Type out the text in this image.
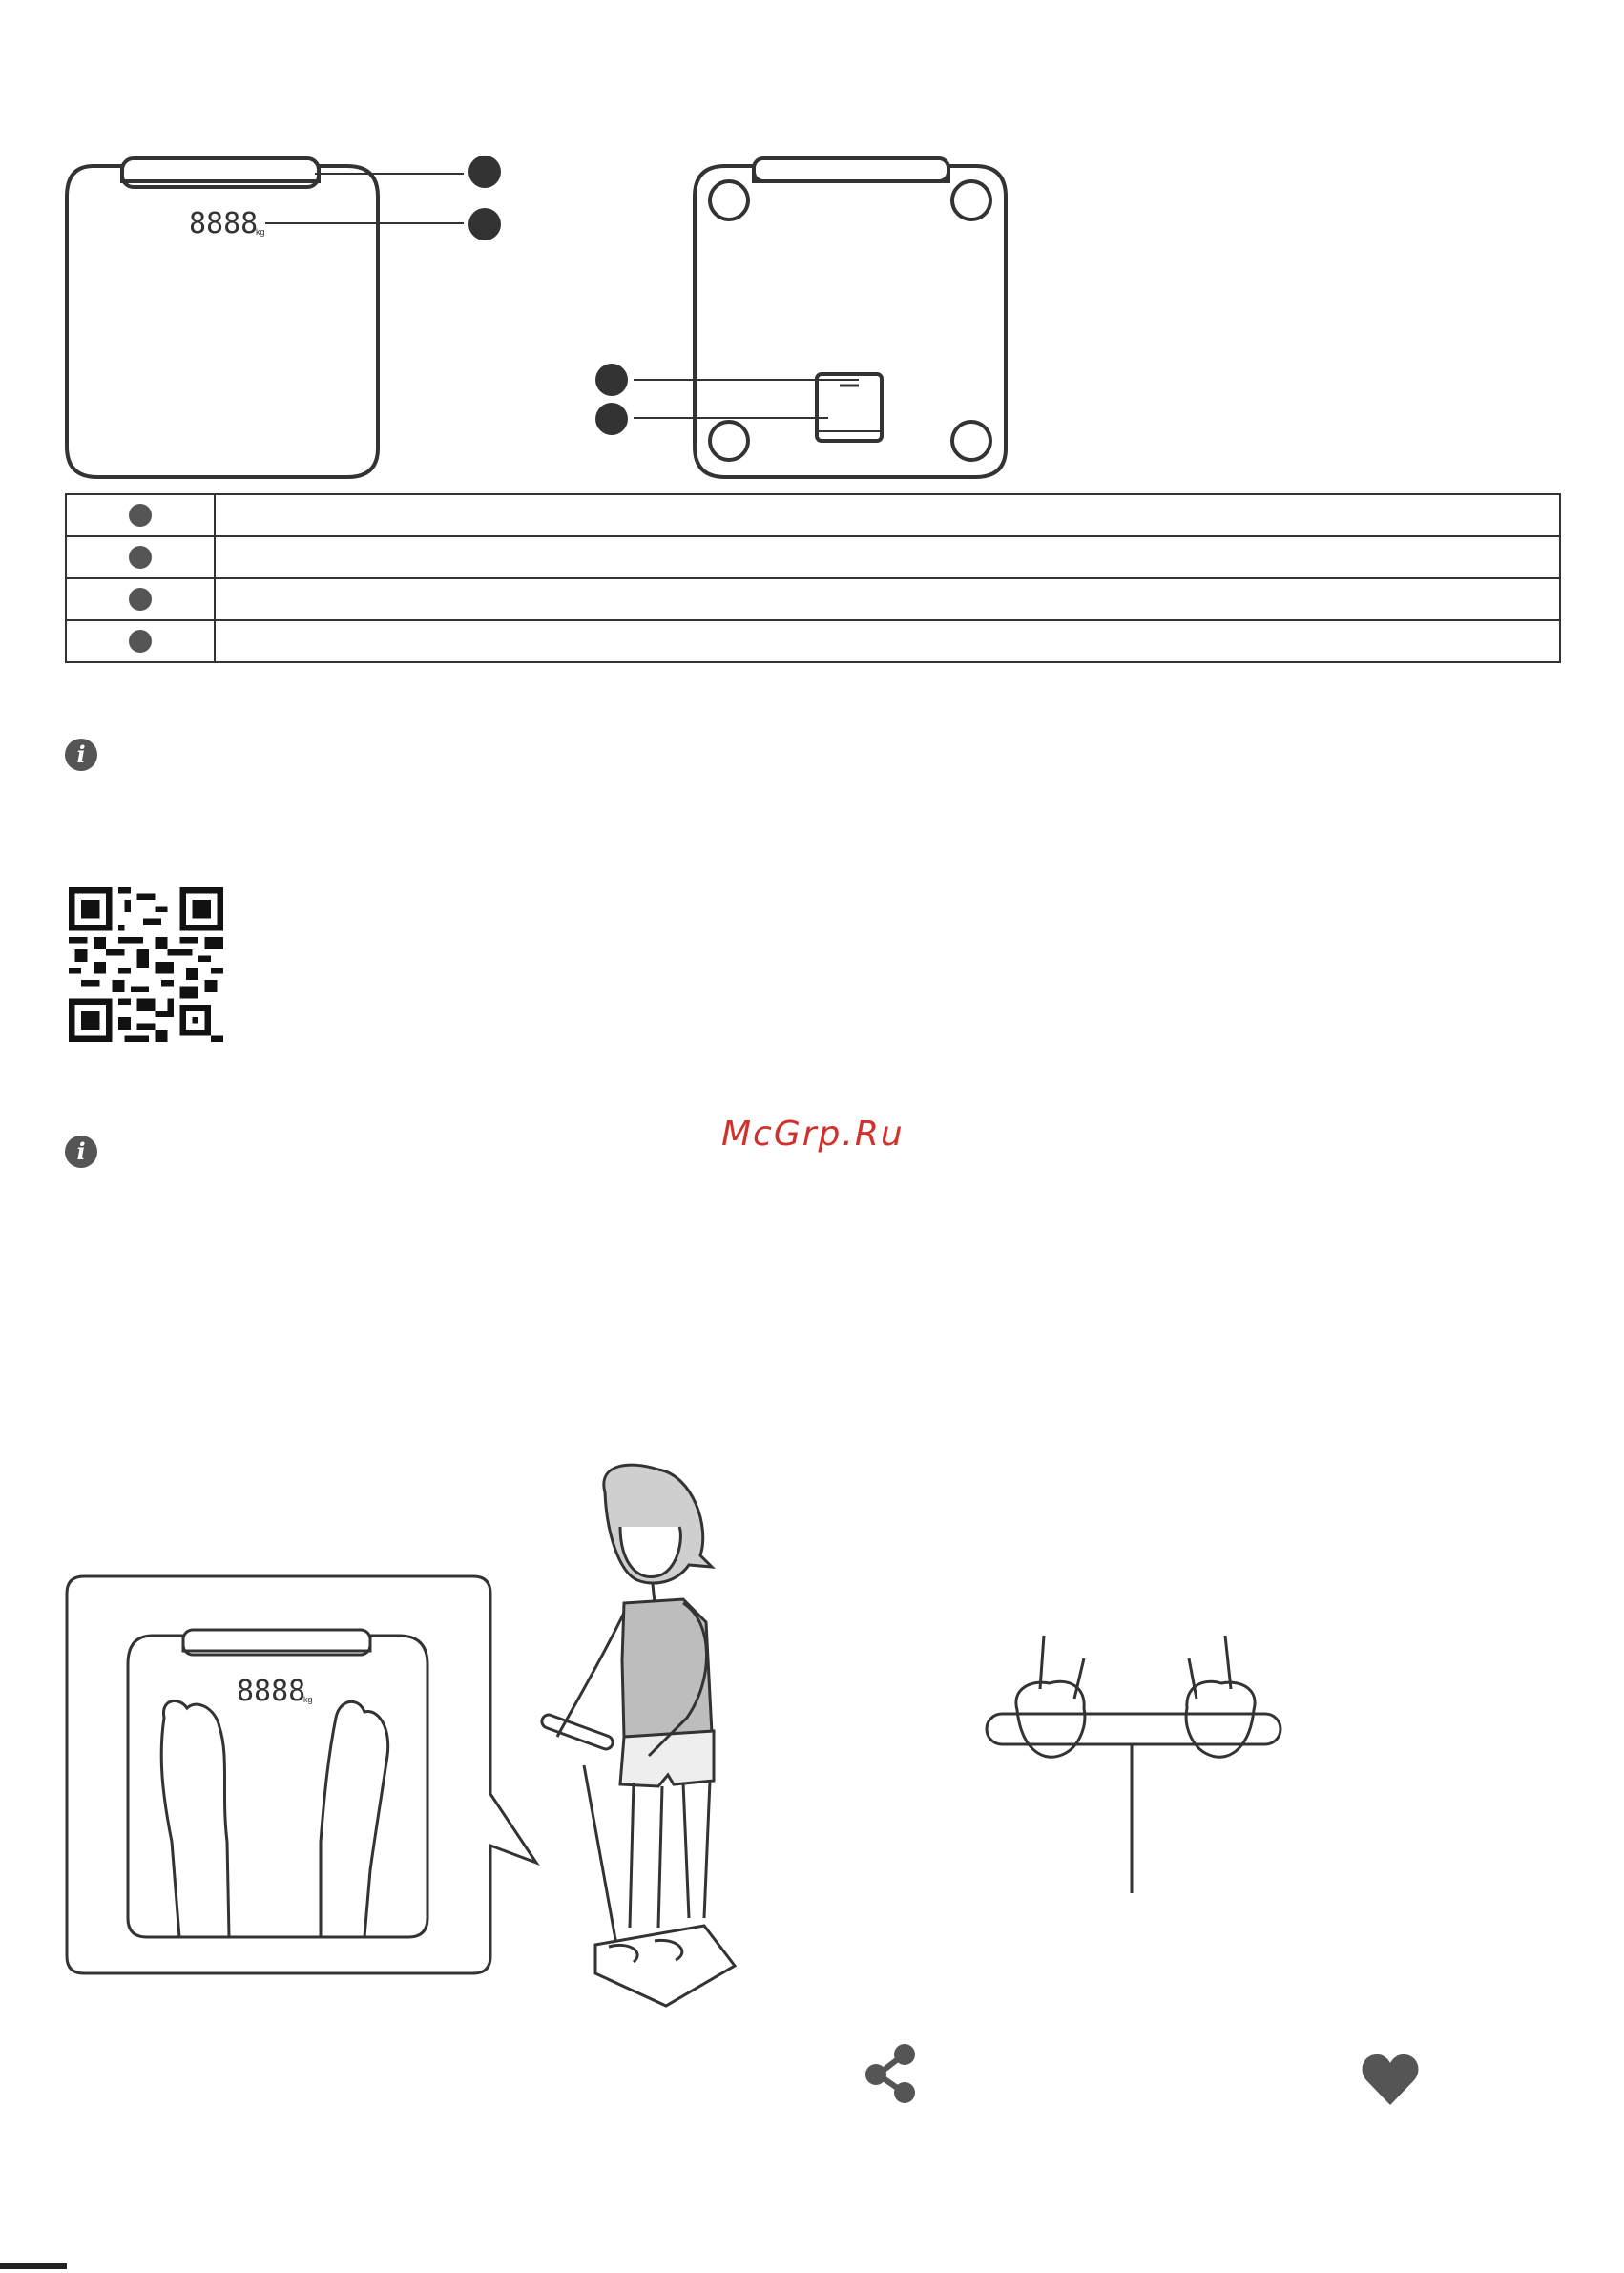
8888
kg
8888
kg

i
i	McGrp.Ru
